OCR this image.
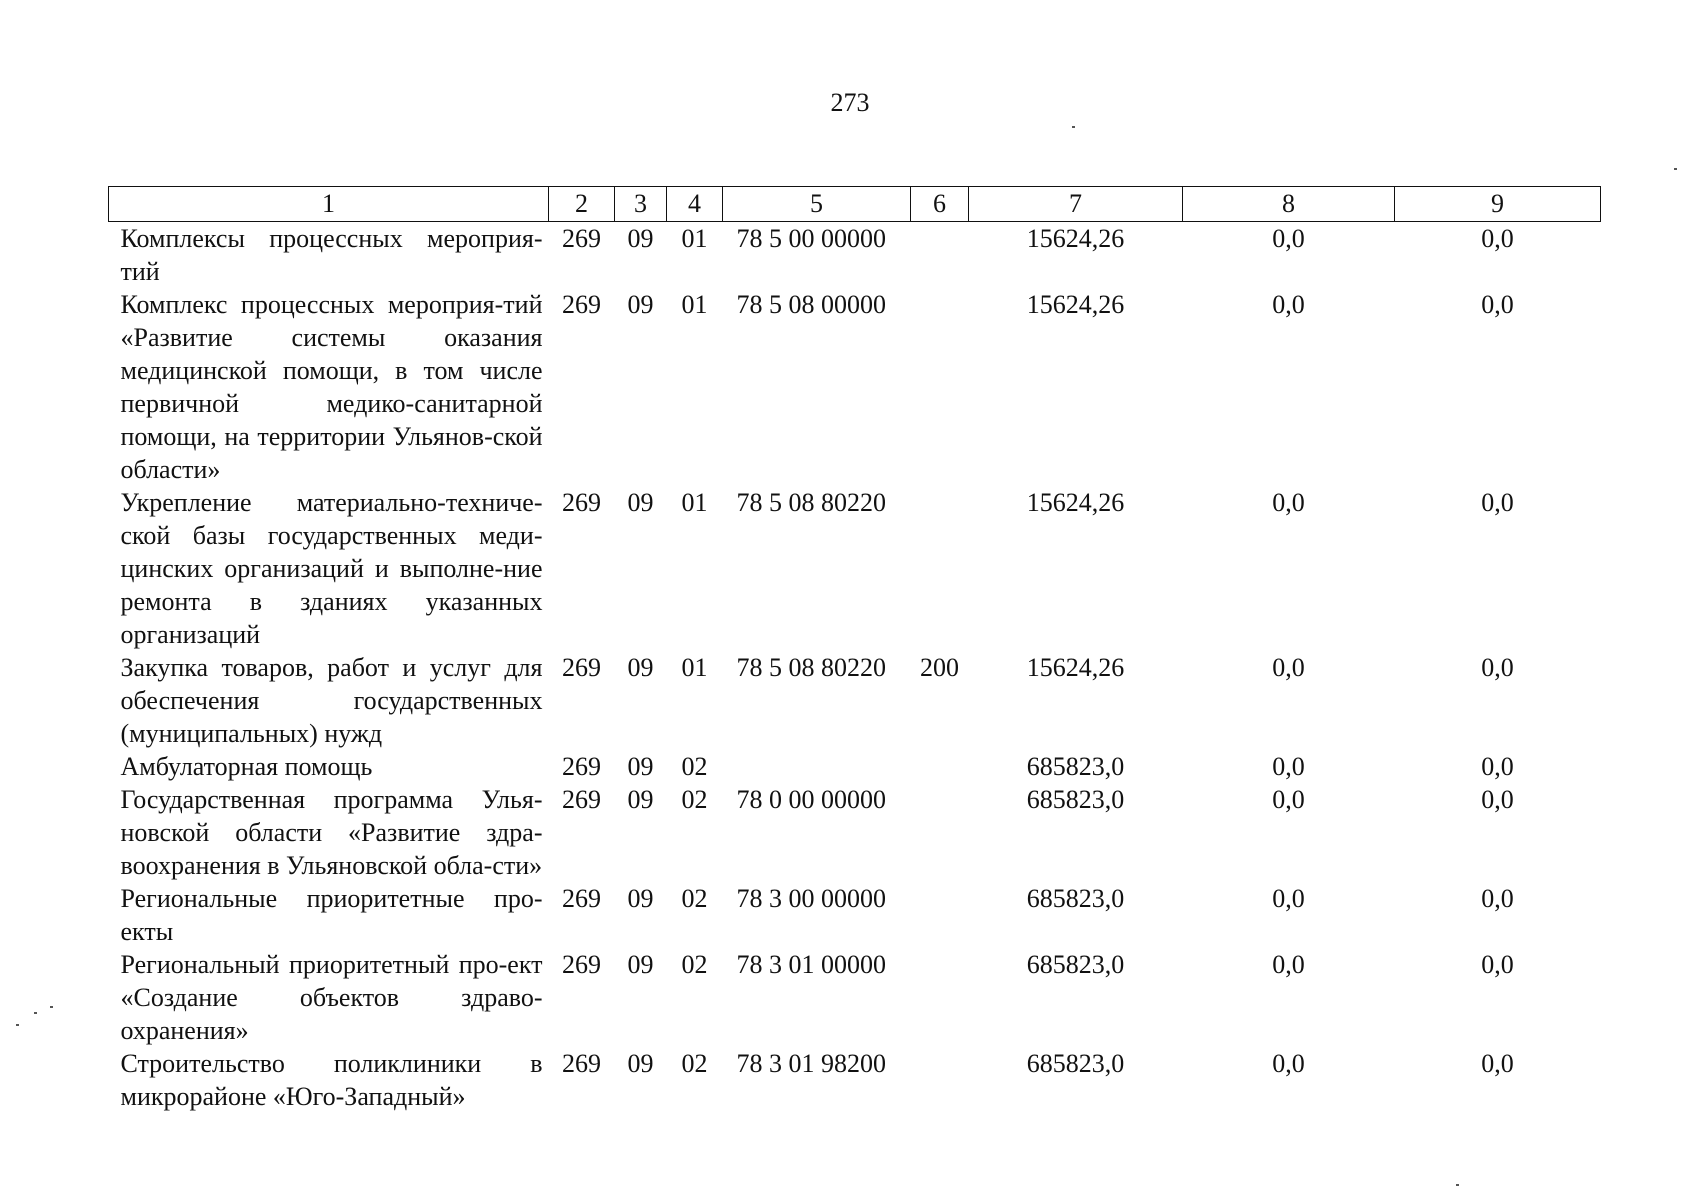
273
1	2	3	4	5	6	7	8	9
Комплексы процессных мероприя-тий	269	09	01	78 5 00 00000		15624,26	0,0	0,0
Комплекс процессных мероприя-тий «Развитие системы оказания медицинской помощи, в том числе первичной медико-санитарной помощи, на территории Ульянов-ской области»	269	09	01	78 5 08 00000		15624,26	0,0	0,0
Укрепление материально-техниче-ской базы государственных меди-цинских организаций и выполне-ние ремонта в зданиях указанных организаций	269	09	01	78 5 08 80220		15624,26	0,0	0,0
Закупка товаров, работ и услуг для обеспечения государственных (муниципальных) нужд	269	09	01	78 5 08 80220	200	15624,26	0,0	0,0
Амбулаторная помощь	269	09	02			685823,0	0,0	0,0
Государственная программа Улья-новской области «Развитие здра-воохранения в Ульяновской обла-сти»	269	09	02	78 0 00 00000		685823,0	0,0	0,0
Региональные приоритетные про-екты	269	09	02	78 3 00 00000		685823,0	0,0	0,0
Региональный приоритетный про-ект «Создание объектов здраво-охранения»	269	09	02	78 3 01 00000		685823,0	0,0	0,0
Строительство поликлиники в микрорайоне «Юго-Западный»	269	09	02	78 3 01 98200		685823,0	0,0	0,0
